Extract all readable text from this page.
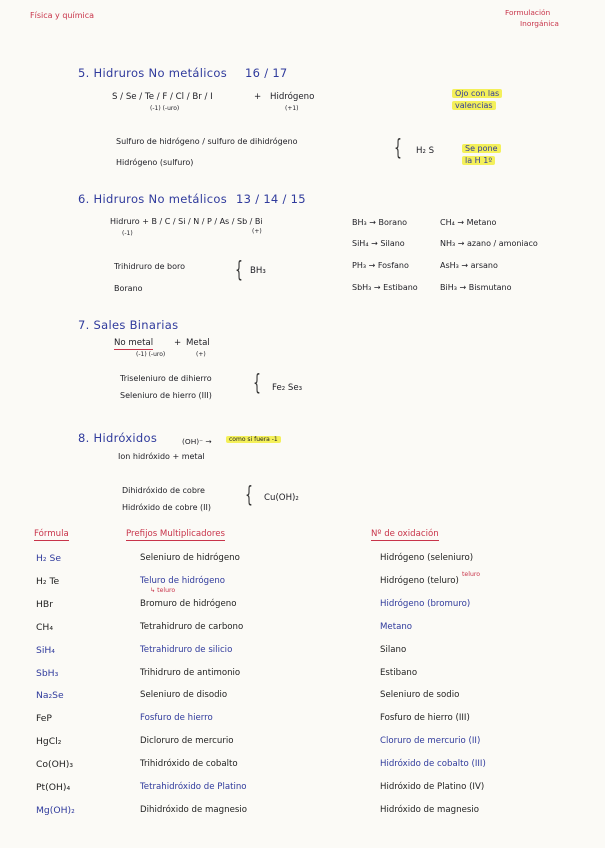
Física y química	Formulación
Inorgánica
5. Hidruros No metálicos 16 / 17
S / Se / Te / F / Cl / Br / I
(-1) (-uro)
+ Hidrógeno
(+1)
Ojo con las
valencias
Sulfuro de hidrógeno / sulfuro de dihidrógeno
Hidrógeno (sulfuro)
{ H₂ S	Se pone
la H 1º
6. Hidruros No metálicos 13 / 14 / 15
Hidruro + B / C / Si / N / P / As / Sb / Bi
(-1)	(+)
Trihidruro de boro
Borano
{ BH₃
BH₃ → Borano	CH₄ → Metano
SiH₄ → Silano	NH₃ → azano / amoniaco
PH₃ → Fosfano	AsH₃ → arsano
SbH₃ → Estibano	BiH₃ → Bismutano
7. Sales Binarias
No metal + Metal
(-1) (-uro)	(+)
Triseleniuro de dihierro
Seleniuro de hierro (III) { Fe₂ Se₃
8. Hidróxidos	(OH)⁻ →	como si fuera -1
Ion hidróxido + metal
Dihidróxido de cobre
Hidróxido de cobre (II) { Cu(OH)₂
Fórmula	Prefijos Multiplicadores	Nº de oxidación
H₂ Se	Seleniuro de hidrógeno	Hidrógeno (seleniuro)
H₂ Te	Teluro de hidrógeno	Hidrógeno (teluro)
↳ teluro
teluro
HBr	Bromuro de hidrógeno	Hidrógeno (bromuro)
CH₄	Tetrahidruro de carbono	Metano
SiH₄	Tetrahidruro de silicio	Silano
SbH₃	Trihidruro de antimonio	Estibano
Na₂Se	Seleniuro de disodio	Seleniuro de sodio
FeP	Fosfuro de hierro	Fosfuro de hierro (III)
HgCl₂	Dicloruro de mercurio	Cloruro de mercurio (II)
Co(OH)₃	Trihidróxido de cobalto	Hidróxido de cobalto (III)
Pt(OH)₄	Tetrahidróxido de Platino	Hidróxido de Platino (IV)
Mg(OH)₂	Dihidróxido de magnesio	Hidróxido de magnesio
